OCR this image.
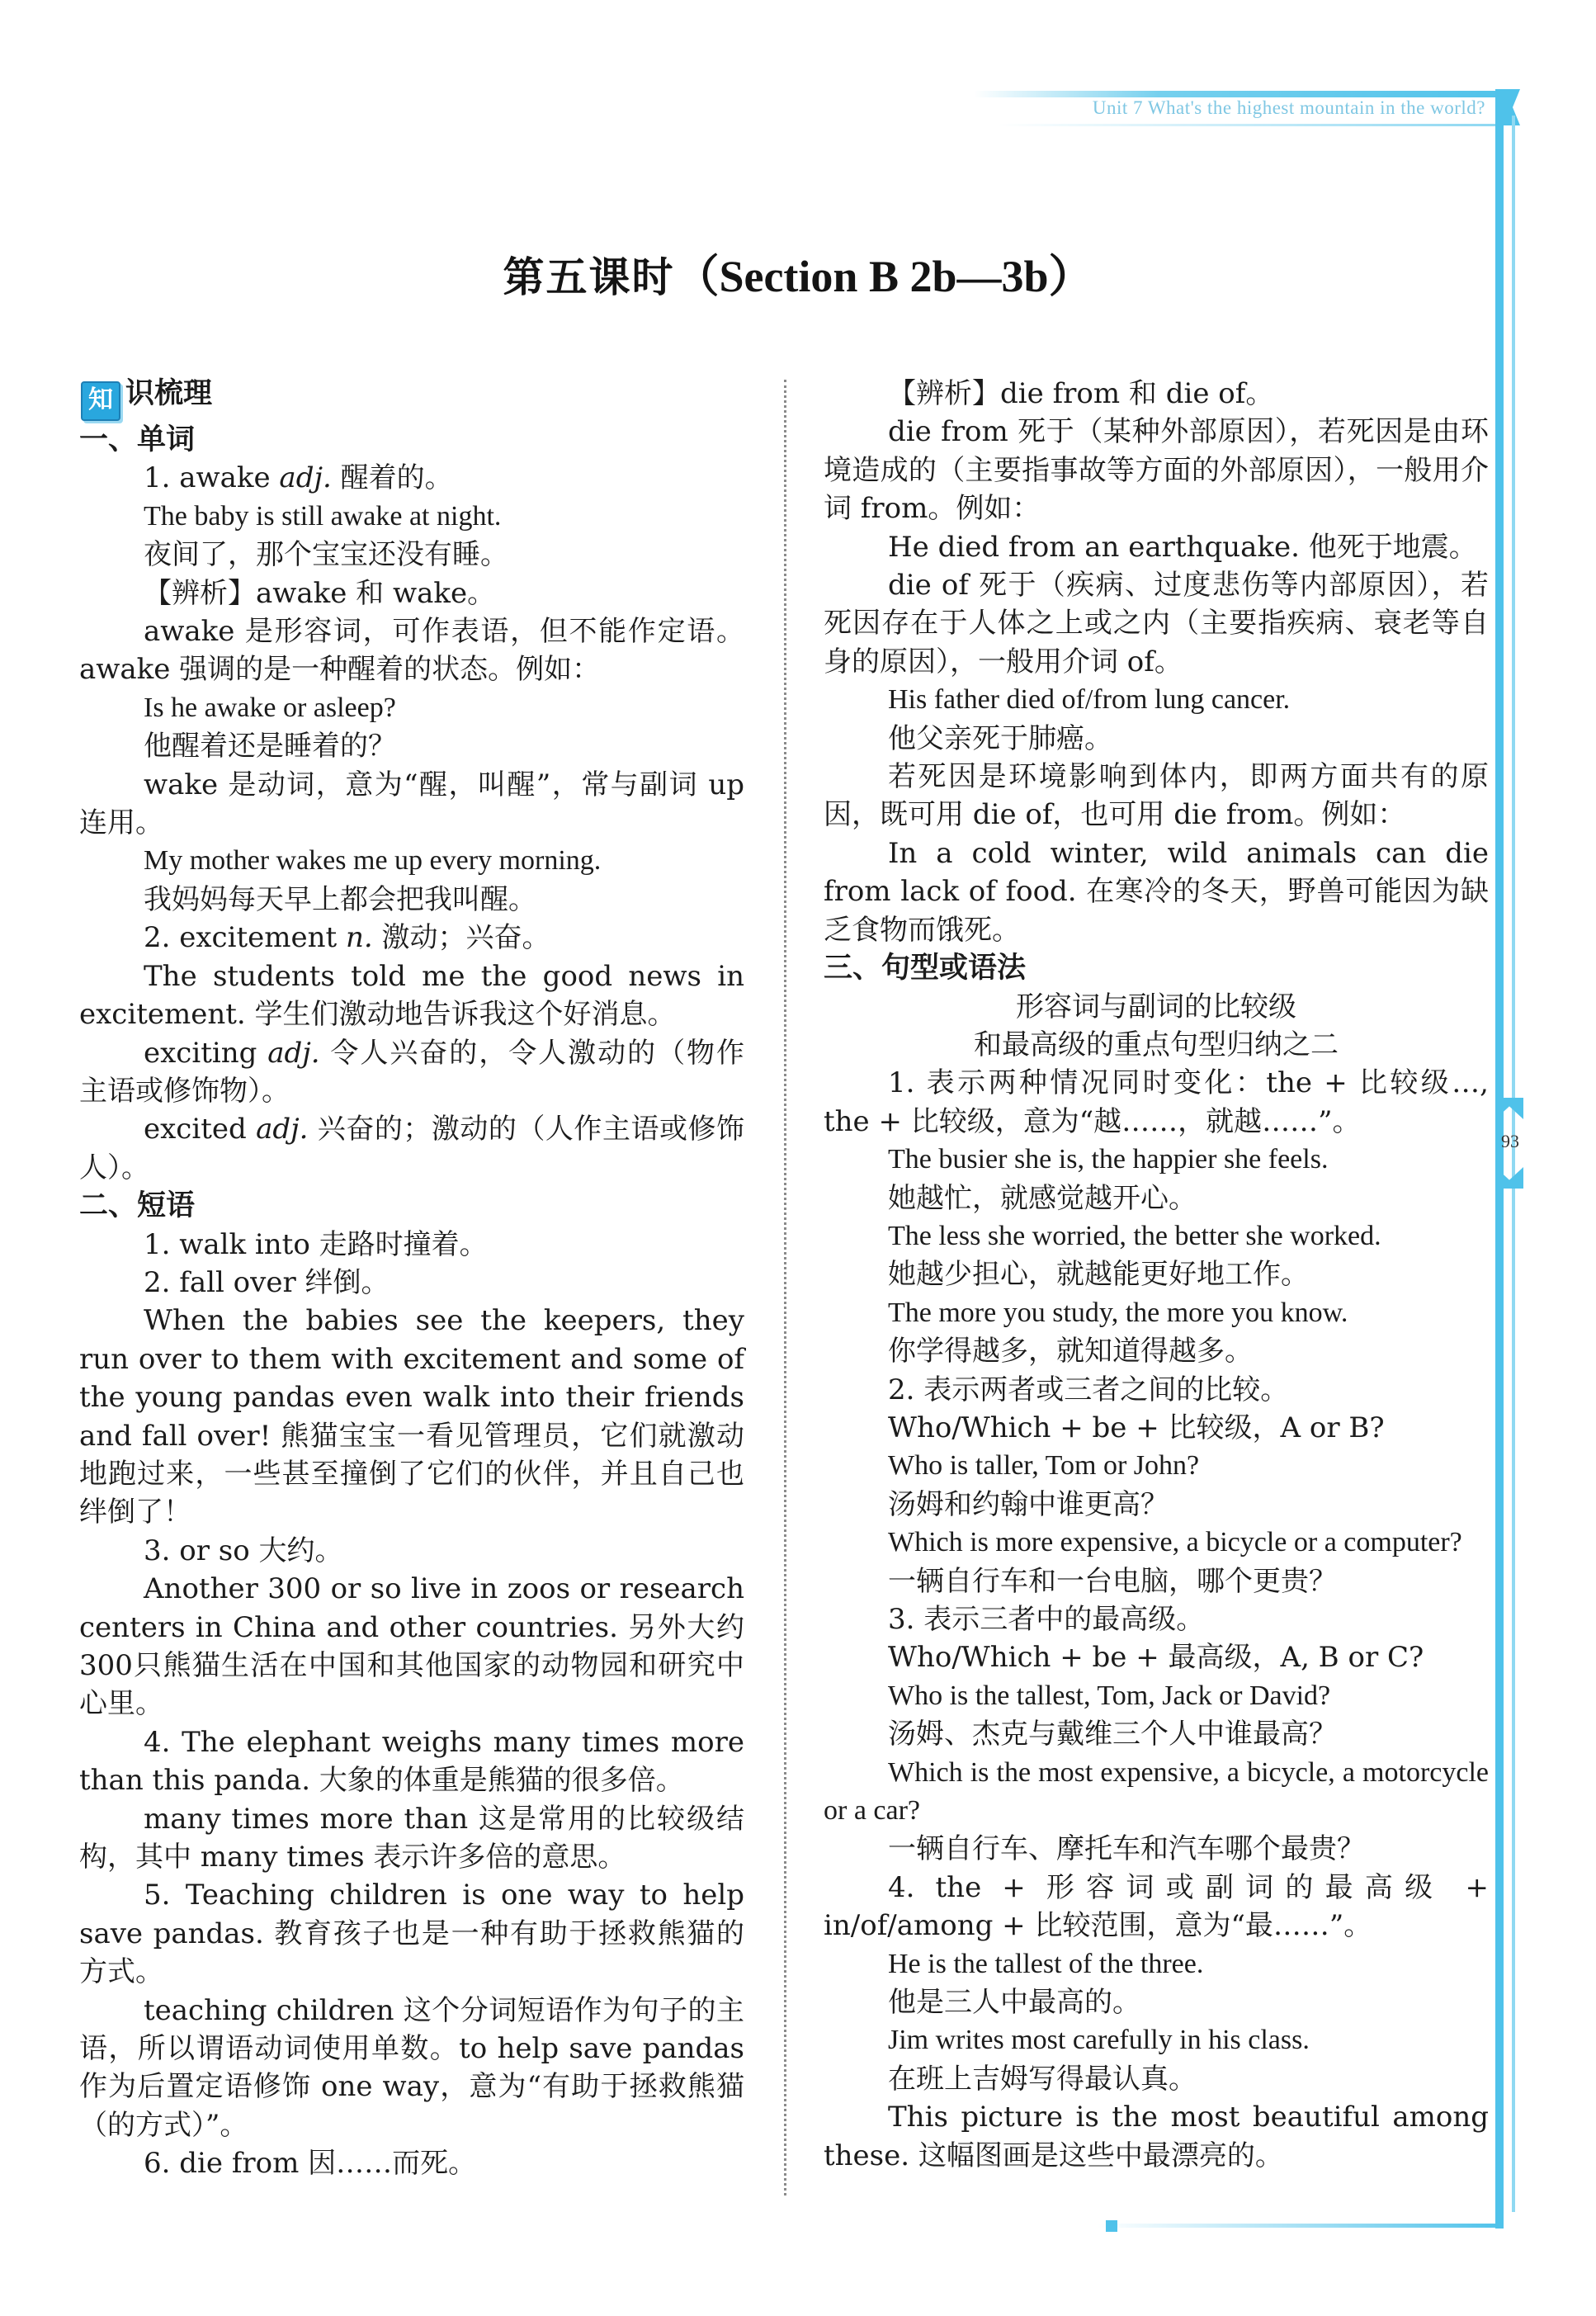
Unit 7 What's the highest mountain in the world?
93
第五课时（Section B 2b—3b）

知 识梳理

一、单词

1. awake adj. 醒着的。

The baby is still awake at night.

夜间了，那个宝宝还没有睡。

【辨析】awake 和 wake。

awake 是形容词，可作表语，但不能作定语。awake 强调的是一种醒着的状态。例如：

Is he awake or asleep?

他醒着还是睡着的？

wake 是动词，意为“醒，叫醒”，常与副词 up 连用。

My mother wakes me up every morning.

我妈妈每天早上都会把我叫醒。

2. excitement n. 激动；兴奋。

The students told me the good news in excitement. 学生们激动地告诉我这个好消息。

exciting adj. 令人兴奋的，令人激动的（物作主语或修饰物）。

excited adj. 兴奋的；激动的（人作主语或修饰人）。

二、短语

1. walk into 走路时撞着。

2. fall over 绊倒。

When the babies see the keepers, they run over to them with excitement and some of the young pandas even walk into their friends and fall over! 熊猫宝宝一看见管理员，它们就激动地跑过来，一些甚至撞倒了它们的伙伴，并且自己也绊倒了！

3. or so 大约。

Another 300 or so live in zoos or research centers in China and other countries. 另外大约300只熊猫生活在中国和其他国家的动物园和研究中心里。

4. The elephant weighs many times more than this panda. 大象的体重是熊猫的很多倍。

many times more than 这是常用的比较级结构，其中 many times 表示许多倍的意思。

5. Teaching children is one way to help save pandas. 教育孩子也是一种有助于拯救熊猫的方式。

teaching children 这个分词短语作为句子的主语，所以谓语动词使用单数。to help save pandas 作为后置定语修饰 one way，意为“有助于拯救熊猫（的方式）”。

6. die from 因……而死。

【辨析】die from 和 die of。

die from 死于（某种外部原因），若死因是由环境造成的（主要指事故等方面的外部原因），一般用介词 from。例如：

He died from an earthquake. 他死于地震。

die of 死于（疾病、过度悲伤等内部原因），若死因存在于人体之上或之内（主要指疾病、衰老等自身的原因），一般用介词 of。

His father died of/from lung cancer.

他父亲死于肺癌。

若死因是环境影响到体内，即两方面共有的原因，既可用 die of，也可用 die from。例如：

In a cold winter, wild animals can die from lack of food. 在寒冷的冬天，野兽可能因为缺乏食物而饿死。

三、句型或语法

形容词与副词的比较级

和最高级的重点句型归纳之二

1. 表示两种情况同时变化：the + 比较级…, the + 比较级，意为“越……，就越……”。

The busier she is, the happier she feels.

她越忙，就感觉越开心。

The less she worried, the better she worked.

她越少担心，就越能更好地工作。

The more you study, the more you know.

你学得越多，就知道得越多。

2. 表示两者或三者之间的比较。

Who/Which + be + 比较级，A or B?

Who is taller, Tom or John?

汤姆和约翰中谁更高？

Which is more expensive, a bicycle or a computer?

一辆自行车和一台电脑，哪个更贵？

3. 表示三者中的最高级。

Who/Which + be + 最高级，A, B or C?

Who is the tallest, Tom, Jack or David?

汤姆、杰克与戴维三个人中谁最高？

Which is the most expensive, a bicycle, a motorcycle or a car?

一辆自行车、摩托车和汽车哪个最贵？

4. the + 形容词或副词的最高级 + in/of/among + 比较范围，意为“最……”。

He is the tallest of the three.

他是三人中最高的。

Jim writes most carefully in his class.

在班上吉姆写得最认真。

This picture is the most beautiful among these. 这幅图画是这些中最漂亮的。
